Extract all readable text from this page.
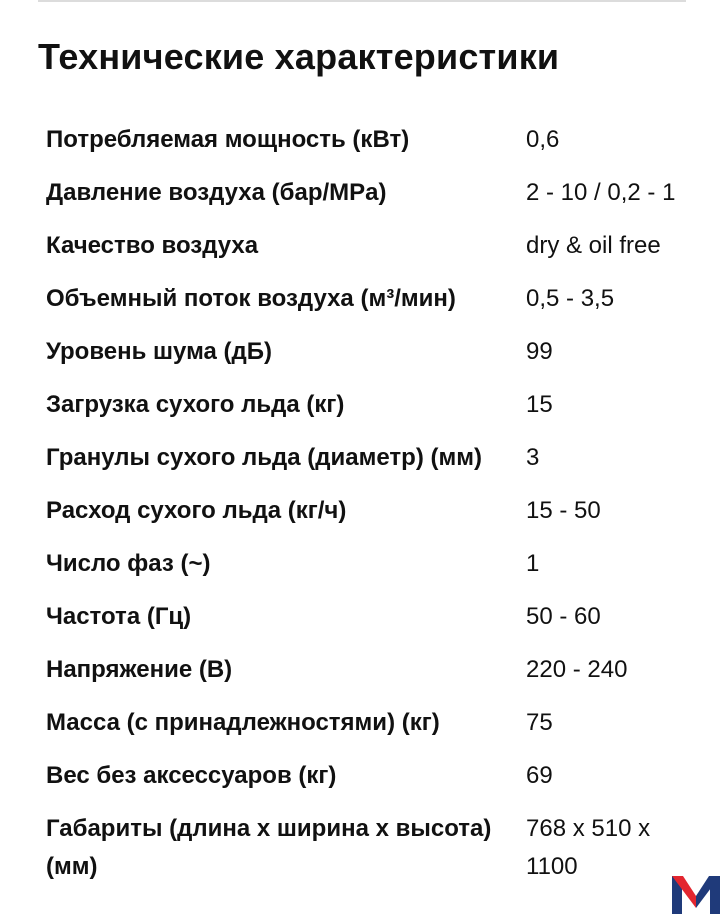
Технические характеристики
Потребляемая мощность (кВт)	0,6
Давление воздуха (бар/MPa)	2 - 10 / 0,2 - 1
Качество воздуха	dry & oil free
Объемный поток воздуха (м³/мин)	0,5 - 3,5
Уровень шума (дБ)	99
Загрузка сухого льда (кг)	15
Гранулы сухого льда (диаметр) (мм)	3
Расход сухого льда (кг/ч)	15 - 50
Число фаз (~)	1
Частота (Гц)	50 - 60
Напряжение (В)	220 - 240
Масса (с принадлежностями) (кг)	75
Вес без аксессуаров (кг)	69
Габариты (длина x ширина x высота) (мм)	768 x 510 x 1100
